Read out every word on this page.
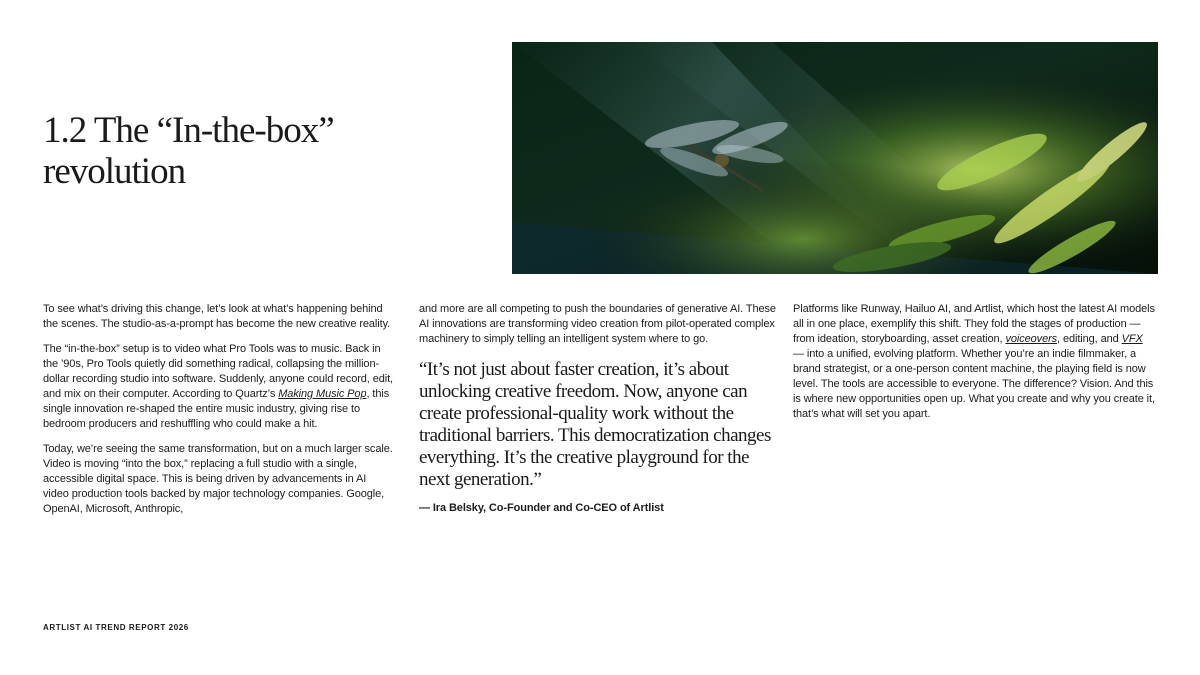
1.2 The “In-the-box”
revolution

To see what’s driving this change, let’s look at what’s happening behind the scenes. The studio-as-a-prompt has become the new creative reality.

The “in-the-box” setup is to video what Pro Tools was to music. Back in the ’90s, Pro Tools quietly did something radical, collapsing the million-dollar recording studio into software. Suddenly, anyone could record, edit, and mix on their computer. According to Quartz’s Making Music Pop, this single innovation re-shaped the entire music industry, giving rise to bedroom producers and reshuffling who could make a hit.

Today, we’re seeing the same transformation, but on a much larger scale. Video is moving “into the box,” replacing a full studio with a single, accessible digital space. This is being driven by advancements in AI video production tools backed by major technology companies. Google, OpenAI, Microsoft, Anthropic,

and more are all competing to push the boundaries of generative AI. These AI innovations are transforming video creation from pilot-operated complex machinery to simply telling an intelligent system where to go.

“It’s not just about faster creation, it’s about unlocking creative freedom. Now, anyone can create professional-quality work without the traditional barriers. This democratization changes everything. It’s the creative playground for the next generation.”
— Ira Belsky, Co-Founder and Co-CEO of Artlist

Platforms like Runway, Hailuo AI, and Artlist, which host the latest AI models all in one place, exemplify this shift. They fold the stages of production — from ideation, storyboarding, asset creation, voiceovers, editing, and VFX — into a unified, evolving platform. Whether you’re an indie filmmaker, a brand strategist, or a one-person content machine, the playing field is now level. The tools are accessible to everyone. The difference? Vision. And this is where new opportunities open up. What you create and why you create it, that’s what will set you apart.

ARTLIST AI TREND REPORT 2026
